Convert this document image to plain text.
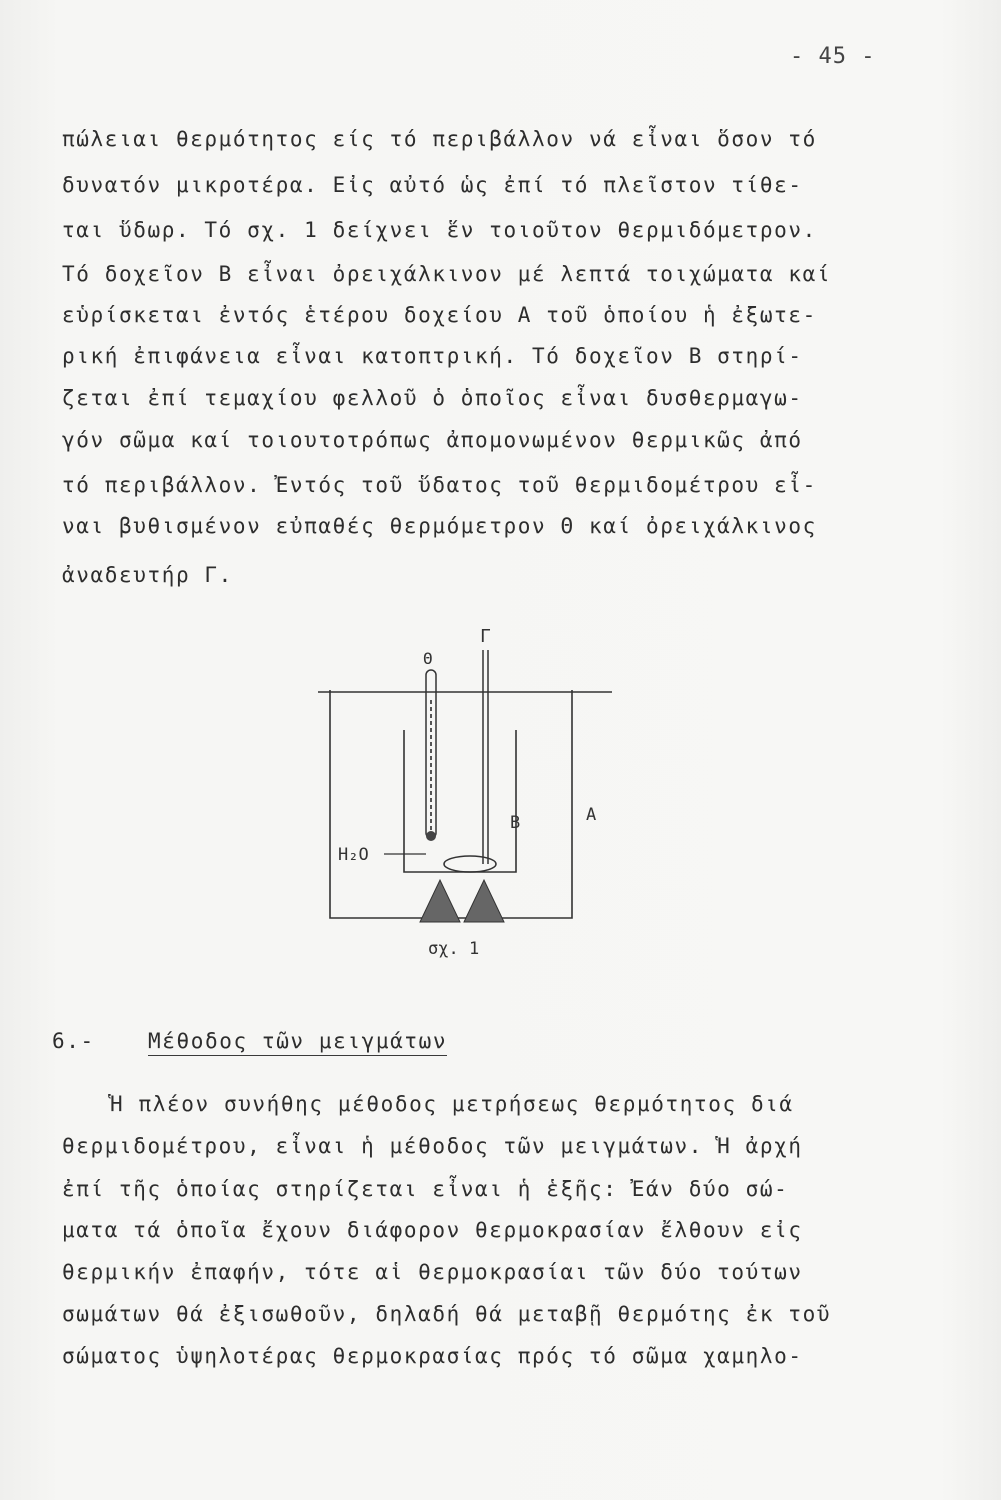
- 45 -
πώλειαι θερμότητος είς τό περιβάλλον νά εἶναι ὅσον τό
δυνατόν μικροτέρα. Εἰς αὐτό ὡς ἐπί τό πλεῖστον τίθε-
ται ὕδωρ. Τό σχ. 1 δείχνει ἕν τοιοῦτον θερμιδόμετρον.
Τό δοχεῖον Β εἶναι ὀρειχάλκινον μέ λεπτά τοιχώματα καί
εὑρίσκεται ἐντός ἑτέρου δοχείου Α τοῦ ὁποίου ἡ ἐξωτε-
ρική ἐπιφάνεια εἶναι κατοπτρική. Τό δοχεῖον Β στηρί-
ζεται ἐπί τεμαχίου φελλοῦ ὁ ὁποῖος εἶναι δυσθερμαγω-
γόν σῶμα καί τοιουτοτρόπως ἀπομονωμένον θερμικῶς ἀπό
τό περιβάλλον. Ἐντός τοῦ ὕδατος τοῦ θερμιδομέτρου εἶ-
ναι βυθισμένον εὐπαθές θερμόμετρον Θ καί ὀρειχάλκινος
ἀναδευτήρ Γ.
Γ
Θ
Β	Α
H₂O
σχ. 1
6.-	Μέθοδος τῶν μειγμάτων
Ἡ πλέον συνήθης μέθοδος μετρήσεως θερμότητος διά
θερμιδομέτρου, εἶναι ἡ μέθοδος τῶν μειγμάτων. Ἡ ἀρχή
ἐπί τῆς ὁποίας στηρίζεται εἶναι ἡ ἑξῆς: Ἐάν δύο σώ-
ματα τά ὁποῖα ἔχουν διάφορον θερμοκρασίαν ἔλθουν εἰς
θερμικήν ἐπαφήν, τότε αἱ θερμοκρασίαι τῶν δύο τούτων
σωμάτων θά ἐξισωθοῦν, δηλαδή θά μεταβῇ θερμότης ἐκ τοῦ
σώματος ὑψηλοτέρας θερμοκρασίας πρός τό σῶμα χαμηλο-
